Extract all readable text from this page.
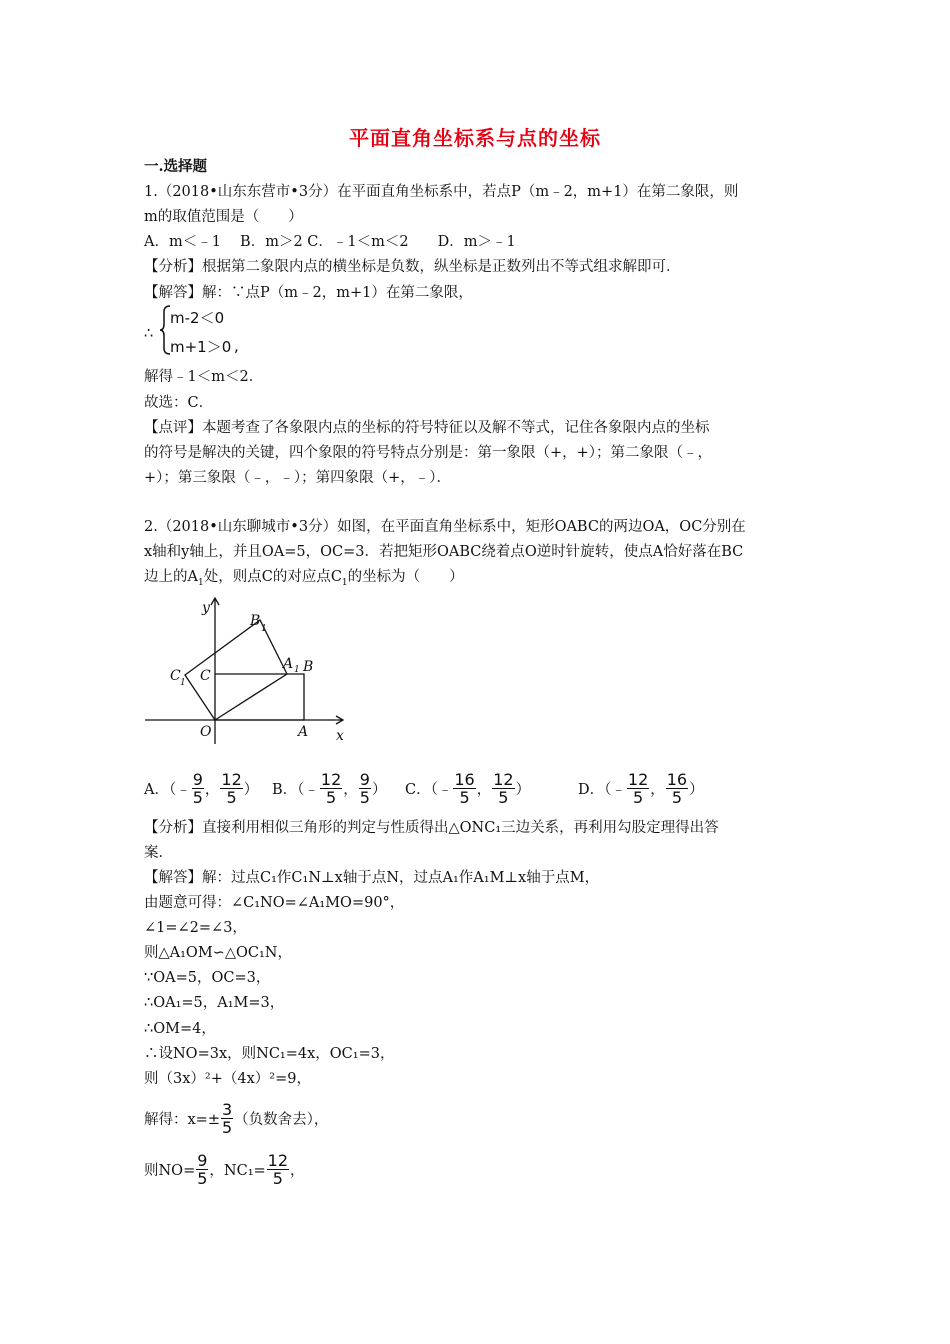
平面直角坐标系与点的坐标
一.选择题
1.（2018•山东东营市•3分）在平面直角坐标系中，若点P（m﹣2，m+1）在第二象限，则
m的取值范围是（　　）
A．m＜﹣1　 B．m＞2 C．﹣1＜m＜2　　D．m＞﹣1
【分析】根据第二象限内点的横坐标是负数，纵坐标是正数列出不等式组求解即可．
【解答】解：∵点P（m﹣2，m+1）在第二象限，
∴
m-2＜0
m+1＞0 ,
解得﹣1＜m＜2．
故选：C．
【点评】本题考查了各象限内点的坐标的符号特征以及解不等式，记住各象限内点的坐标
的符号是解决的关键，四个象限的符号特点分别是：第一象限（+，+）；第二象限（﹣，
+）；第三象限（﹣，﹣）；第四象限（+，﹣）．
2.（2018•山东聊城市•3分）如图，在平面直角坐标系中，矩形OABC的两边OA，OC分别在
x轴和y轴上，并且OA=5，OC=3．若把矩形OABC绕着点O逆时针旋转，使点A恰好落在BC
边上的$A_1$处，则点C的对应点$C_1$的坐标为（　　）
y
x
O	A
B
C
B 1
A 1
C 1
A．（﹣ $\frac{9}{5}$ ， $\frac{12}{5}$ ） B．（﹣ $\frac{12}{5}$ ， $\frac{9}{5}$ ） C．（﹣ $\frac{16}{5}$ ， $\frac{12}{5}$ ）	D．（﹣ $\frac{12}{5}$ ， $\frac{16}{5}$ ）
【分析】直接利用相似三角形的判定与性质得出△ONC₁三边关系，再利用勾股定理得出答
案．
【解答】解：过点C₁作C₁N⊥x轴于点N，过点A₁作A₁M⊥x轴于点M，
由题意可得：∠C₁NO=∠A₁MO=90°，
∠1=∠2=∠3，
则△A₁OM∽△OC₁N，
∵OA=5，OC=3，
∴OA₁=5，A₁M=3，
∴OM=4，
∴设NO=3x，则NC₁=4x，OC₁=3，
则（3x）²+（4x）²=9，
解得：$x=\pm \frac{3}{5}$ （负数舍去），
则$NO= \frac{9}{5}$ ，$NC_1= \frac{12}{5}$ ，
